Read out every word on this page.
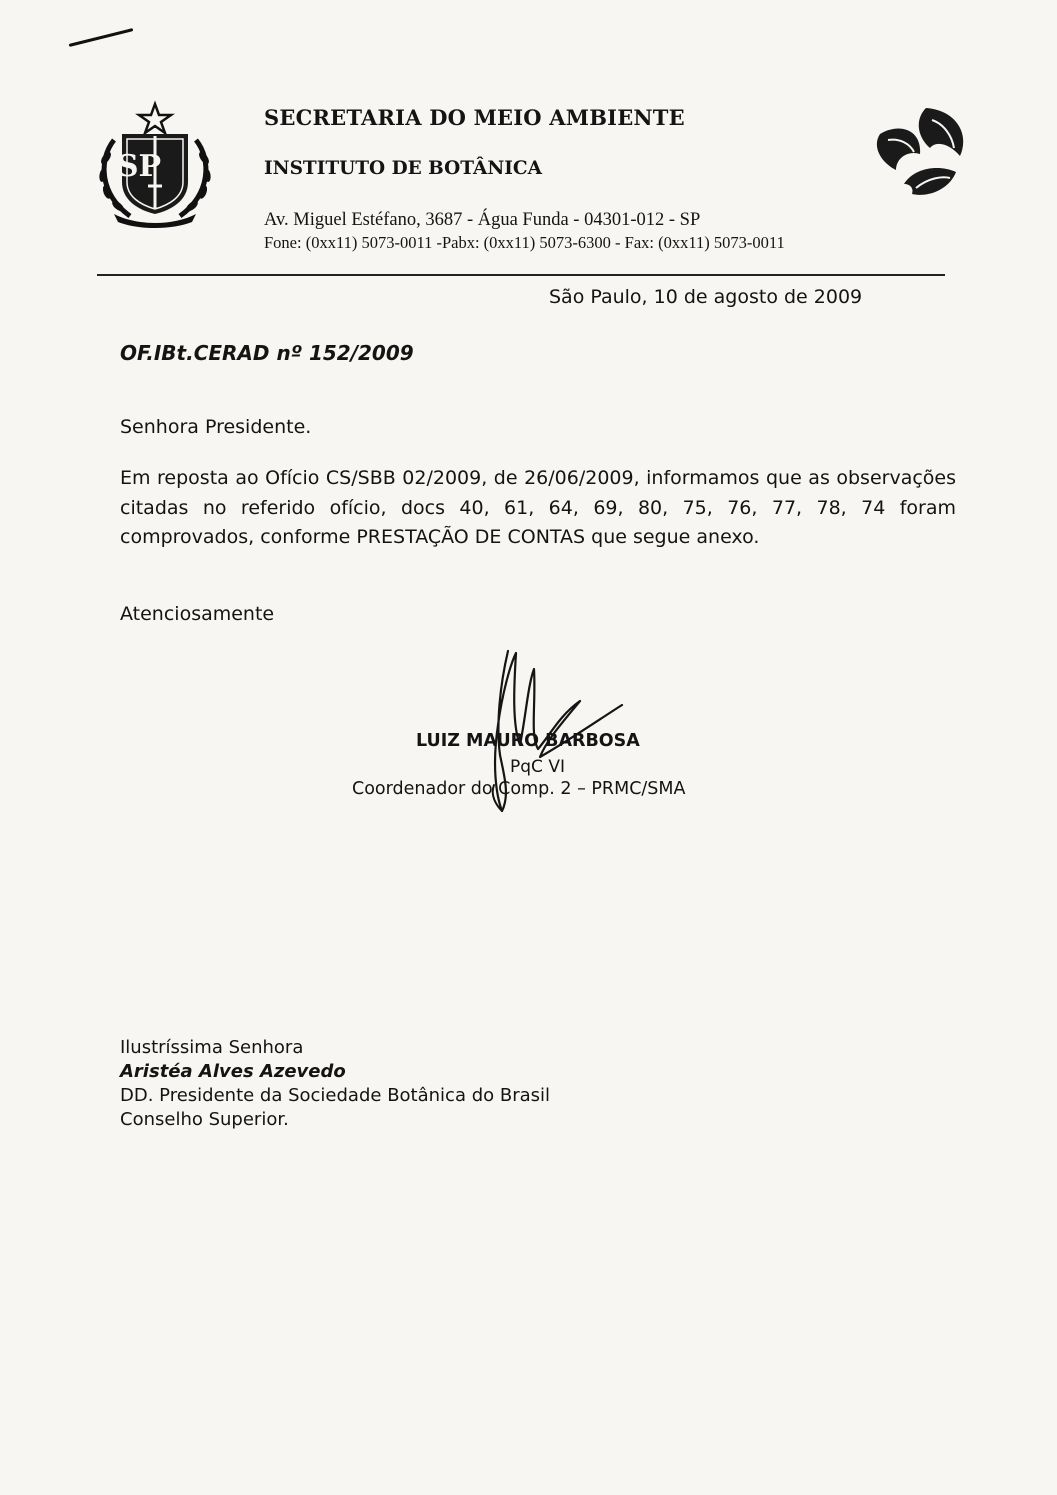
SP
SECRETARIA DO MEIO AMBIENTE
INSTITUTO DE BOTÂNICA
Av. Miguel Estéfano, 3687 - Água Funda - 04301-012 - SP
Fone: (0xx11) 5073-0011 -Pabx: (0xx11) 5073-6300 - Fax: (0xx11) 5073-0011
São Paulo, 10 de agosto de 2009
OF.IBt.CERAD nº 152/2009
Senhora Presidente.
Em reposta ao Ofício CS/SBB 02/2009, de 26/06/2009, informamos que as observações citadas no referido ofício, docs 40, 61, 64, 69, 80, 75, 76, 77, 78, 74 foram comprovados, conforme PRESTAÇÃO DE CONTAS que segue anexo.
Atenciosamente
LUIZ MAURO BARBOSA
PqC VI
Coordenador do Comp. 2 – PRMC/SMA
Ilustríssima Senhora
Aristéa Alves Azevedo
DD. Presidente da Sociedade Botânica do Brasil
Conselho Superior.
